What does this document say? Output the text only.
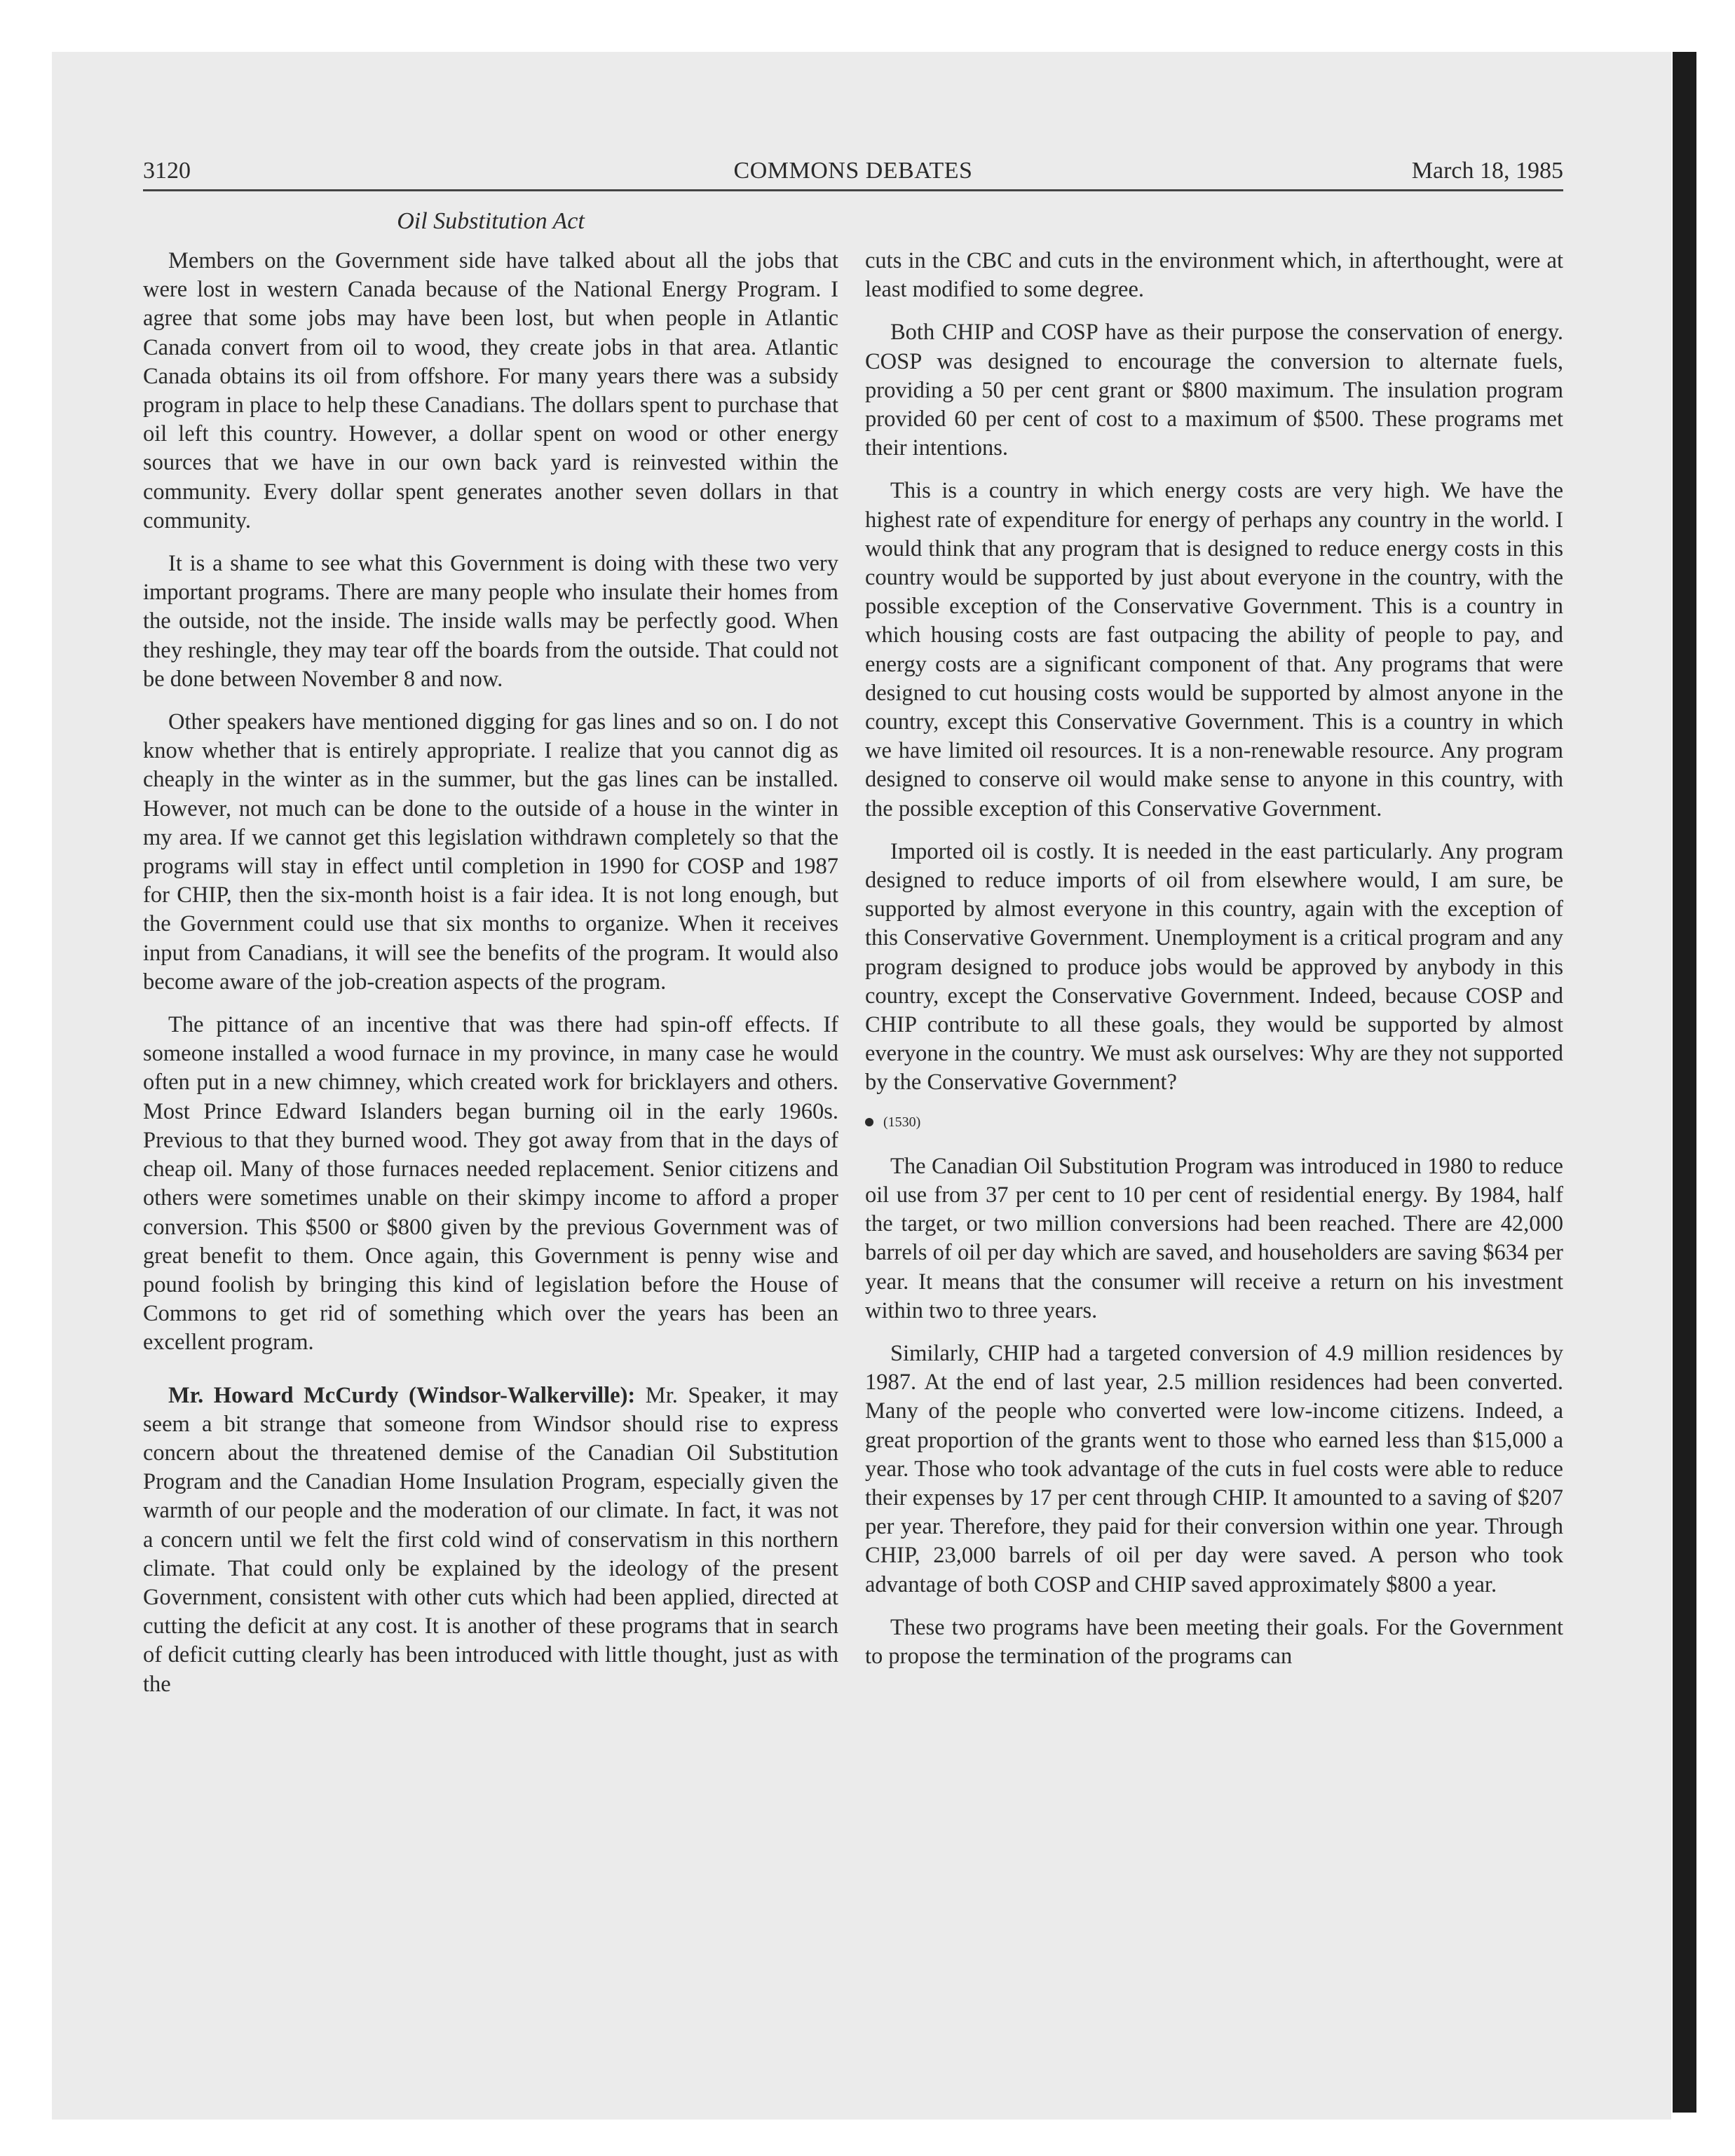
3120	COMMONS DEBATES	March 18, 1985
Oil Substitution Act

Members on the Government side have talked about all the jobs that were lost in western Canada because of the National Energy Program. I agree that some jobs may have been lost, but when people in Atlantic Canada convert from oil to wood, they create jobs in that area. Atlantic Canada obtains its oil from offshore. For many years there was a subsidy program in place to help these Canadians. The dollars spent to purchase that oil left this country. However, a dollar spent on wood or other energy sources that we have in our own back yard is reinvested within the community. Every dollar spent generates another seven dollars in that community.

It is a shame to see what this Government is doing with these two very important programs. There are many people who insulate their homes from the outside, not the inside. The inside walls may be perfectly good. When they reshingle, they may tear off the boards from the outside. That could not be done between November 8 and now.

Other speakers have mentioned digging for gas lines and so on. I do not know whether that is entirely appropriate. I realize that you cannot dig as cheaply in the winter as in the summer, but the gas lines can be installed. However, not much can be done to the outside of a house in the winter in my area. If we cannot get this legislation withdrawn completely so that the programs will stay in effect until completion in 1990 for COSP and 1987 for CHIP, then the six-month hoist is a fair idea. It is not long enough, but the Government could use that six months to organize. When it receives input from Canadians, it will see the benefits of the program. It would also become aware of the job-creation aspects of the program.

The pittance of an incentive that was there had spin-off effects. If someone installed a wood furnace in my province, in many case he would often put in a new chimney, which created work for bricklayers and others. Most Prince Edward Islanders began burning oil in the early 1960s. Previous to that they burned wood. They got away from that in the days of cheap oil. Many of those furnaces needed replacement. Senior citizens and others were sometimes unable on their skimpy income to afford a proper conversion. This $500 or $800 given by the previous Government was of great benefit to them. Once again, this Government is penny wise and pound foolish by bringing this kind of legislation before the House of Commons to get rid of something which over the years has been an excellent program.

Mr. Howard McCurdy (Windsor-Walkerville): Mr. Speaker, it may seem a bit strange that someone from Windsor should rise to express concern about the threatened demise of the Canadian Oil Substitution Program and the Canadian Home Insulation Program, especially given the warmth of our people and the moderation of our climate. In fact, it was not a concern until we felt the first cold wind of conservatism in this northern climate. That could only be explained by the ideology of the present Government, consistent with other cuts which had been applied, directed at cutting the deficit at any cost. It is another of these programs that in search of deficit cutting clearly has been introduced with little thought, just as with the

cuts in the CBC and cuts in the environment which, in afterthought, were at least modified to some degree.

Both CHIP and COSP have as their purpose the conservation of energy. COSP was designed to encourage the conversion to alternate fuels, providing a 50 per cent grant or $800 maximum. The insulation program provided 60 per cent of cost to a maximum of $500. These programs met their intentions.

This is a country in which energy costs are very high. We have the highest rate of expenditure for energy of perhaps any country in the world. I would think that any program that is designed to reduce energy costs in this country would be supported by just about everyone in the country, with the possible exception of the Conservative Government. This is a country in which housing costs are fast outpacing the ability of people to pay, and energy costs are a significant component of that. Any programs that were designed to cut housing costs would be supported by almost anyone in the country, except this Conservative Government. This is a country in which we have limited oil resources. It is a non-renewable resource. Any program designed to conserve oil would make sense to anyone in this country, with the possible exception of this Conservative Government.

Imported oil is costly. It is needed in the east particularly. Any program designed to reduce imports of oil from elsewhere would, I am sure, be supported by almost everyone in this country, again with the exception of this Conservative Government. Unemployment is a critical program and any program designed to produce jobs would be approved by anybody in this country, except the Conservative Government. Indeed, because COSP and CHIP contribute to all these goals, they would be supported by almost everyone in the country. We must ask ourselves: Why are they not supported by the Conservative Government?

(1530)

The Canadian Oil Substitution Program was introduced in 1980 to reduce oil use from 37 per cent to 10 per cent of residential energy. By 1984, half the target, or two million conversions had been reached. There are 42,000 barrels of oil per day which are saved, and householders are saving $634 per year. It means that the consumer will receive a return on his investment within two to three years.

Similarly, CHIP had a targeted conversion of 4.9 million residences by 1987. At the end of last year, 2.5 million residences had been converted. Many of the people who converted were low-income citizens. Indeed, a great proportion of the grants went to those who earned less than $15,000 a year. Those who took advantage of the cuts in fuel costs were able to reduce their expenses by 17 per cent through CHIP. It amounted to a saving of $207 per year. Therefore, they paid for their conversion within one year. Through CHIP, 23,000 barrels of oil per day were saved. A person who took advantage of both COSP and CHIP saved approximately $800 a year.

These two programs have been meeting their goals. For the Government to propose the termination of the programs can
